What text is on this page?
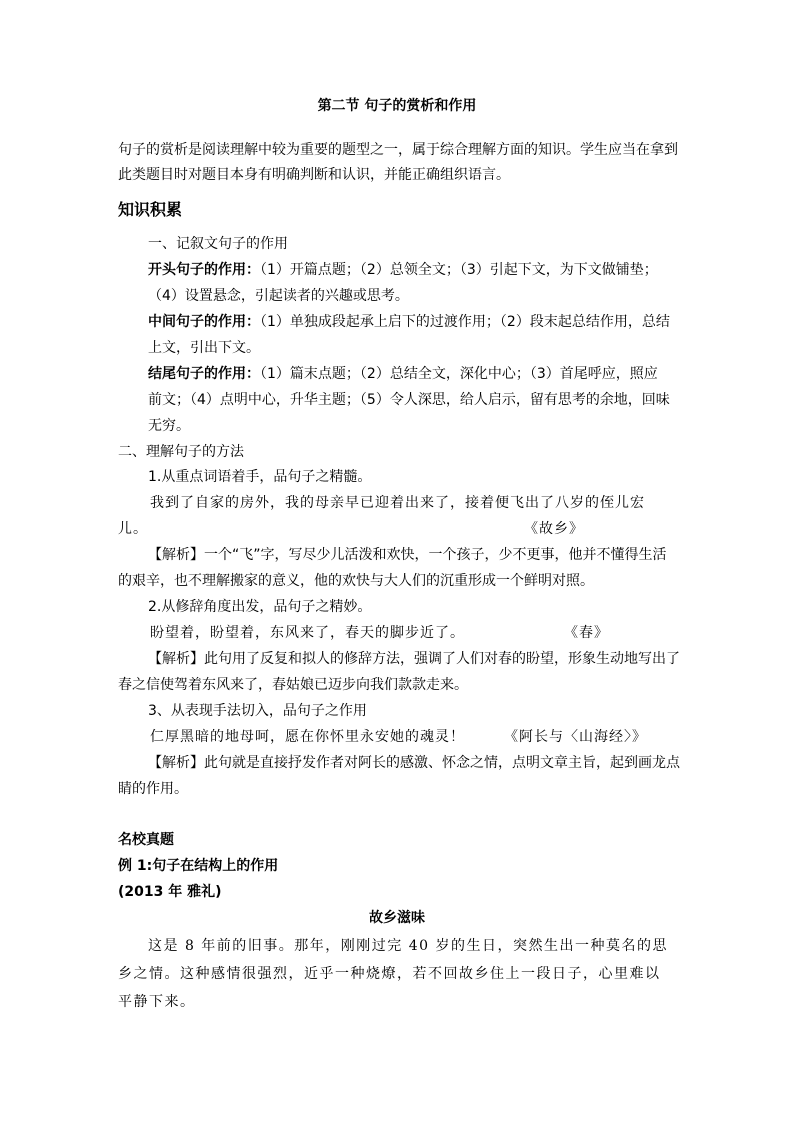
第二节 句子的赏析和作用
句子的赏析是阅读理解中较为重要的题型之一，属于综合理解方面的知识。学生应当在拿到
此类题目时对题目本身有明确判断和认识，并能正确组织语言。
知识积累
一、记叙文句子的作用
开头句子的作用：（1）开篇点题；（2）总领全文；（3）引起下文，为下文做铺垫；
（4）设置悬念，引起读者的兴趣或思考。
中间句子的作用：（1）单独成段起承上启下的过渡作用；（2）段末起总结作用，总结
上文，引出下文。
结尾句子的作用：（1）篇末点题；（2）总结全文，深化中心；（3）首尾呼应，照应
前文；（4）点明中心，升华主题；（5）令人深思，给人启示，留有思考的余地，回味
无穷。
二、理解句子的方法
1.从重点词语着手，品句子之精髓。
我到了自家的房外，我的母亲早已迎着出来了，接着便飞出了八岁的侄儿宏
儿。	《故乡》
【解析】一个“飞”字，写尽少儿活泼和欢快，一个孩子，少不更事，他并不懂得生活
的艰辛，也不理解搬家的意义，他的欢快与大人们的沉重形成一个鲜明对照。
2.从修辞角度出发，品句子之精妙。
盼望着，盼望着，东风来了，春天的脚步近了。	《春》
【解析】此句用了反复和拟人的修辞方法，强调了人们对春的盼望，形象生动地写出了
春之信使驾着东风来了，春姑娘已迈步向我们款款走来。
3、从表现手法切入，品句子之作用
仁厚黑暗的地母呵，愿在你怀里永安她的魂灵！	《阿长与〈山海经〉》
【解析】此句就是直接抒发作者对阿长的感激、怀念之情，点明文章主旨，起到画龙点
睛的作用。
名校真题
例 1:句子在结构上的作用
(2013 年 雅礼)
故乡滋味
这是 8 年前的旧事。那年，刚刚过完 40 岁的生日，突然生出一种莫名的思
乡之情。这种感情很强烈，近乎一种烧燎，若不回故乡住上一段日子，心里难以
平静下来。
